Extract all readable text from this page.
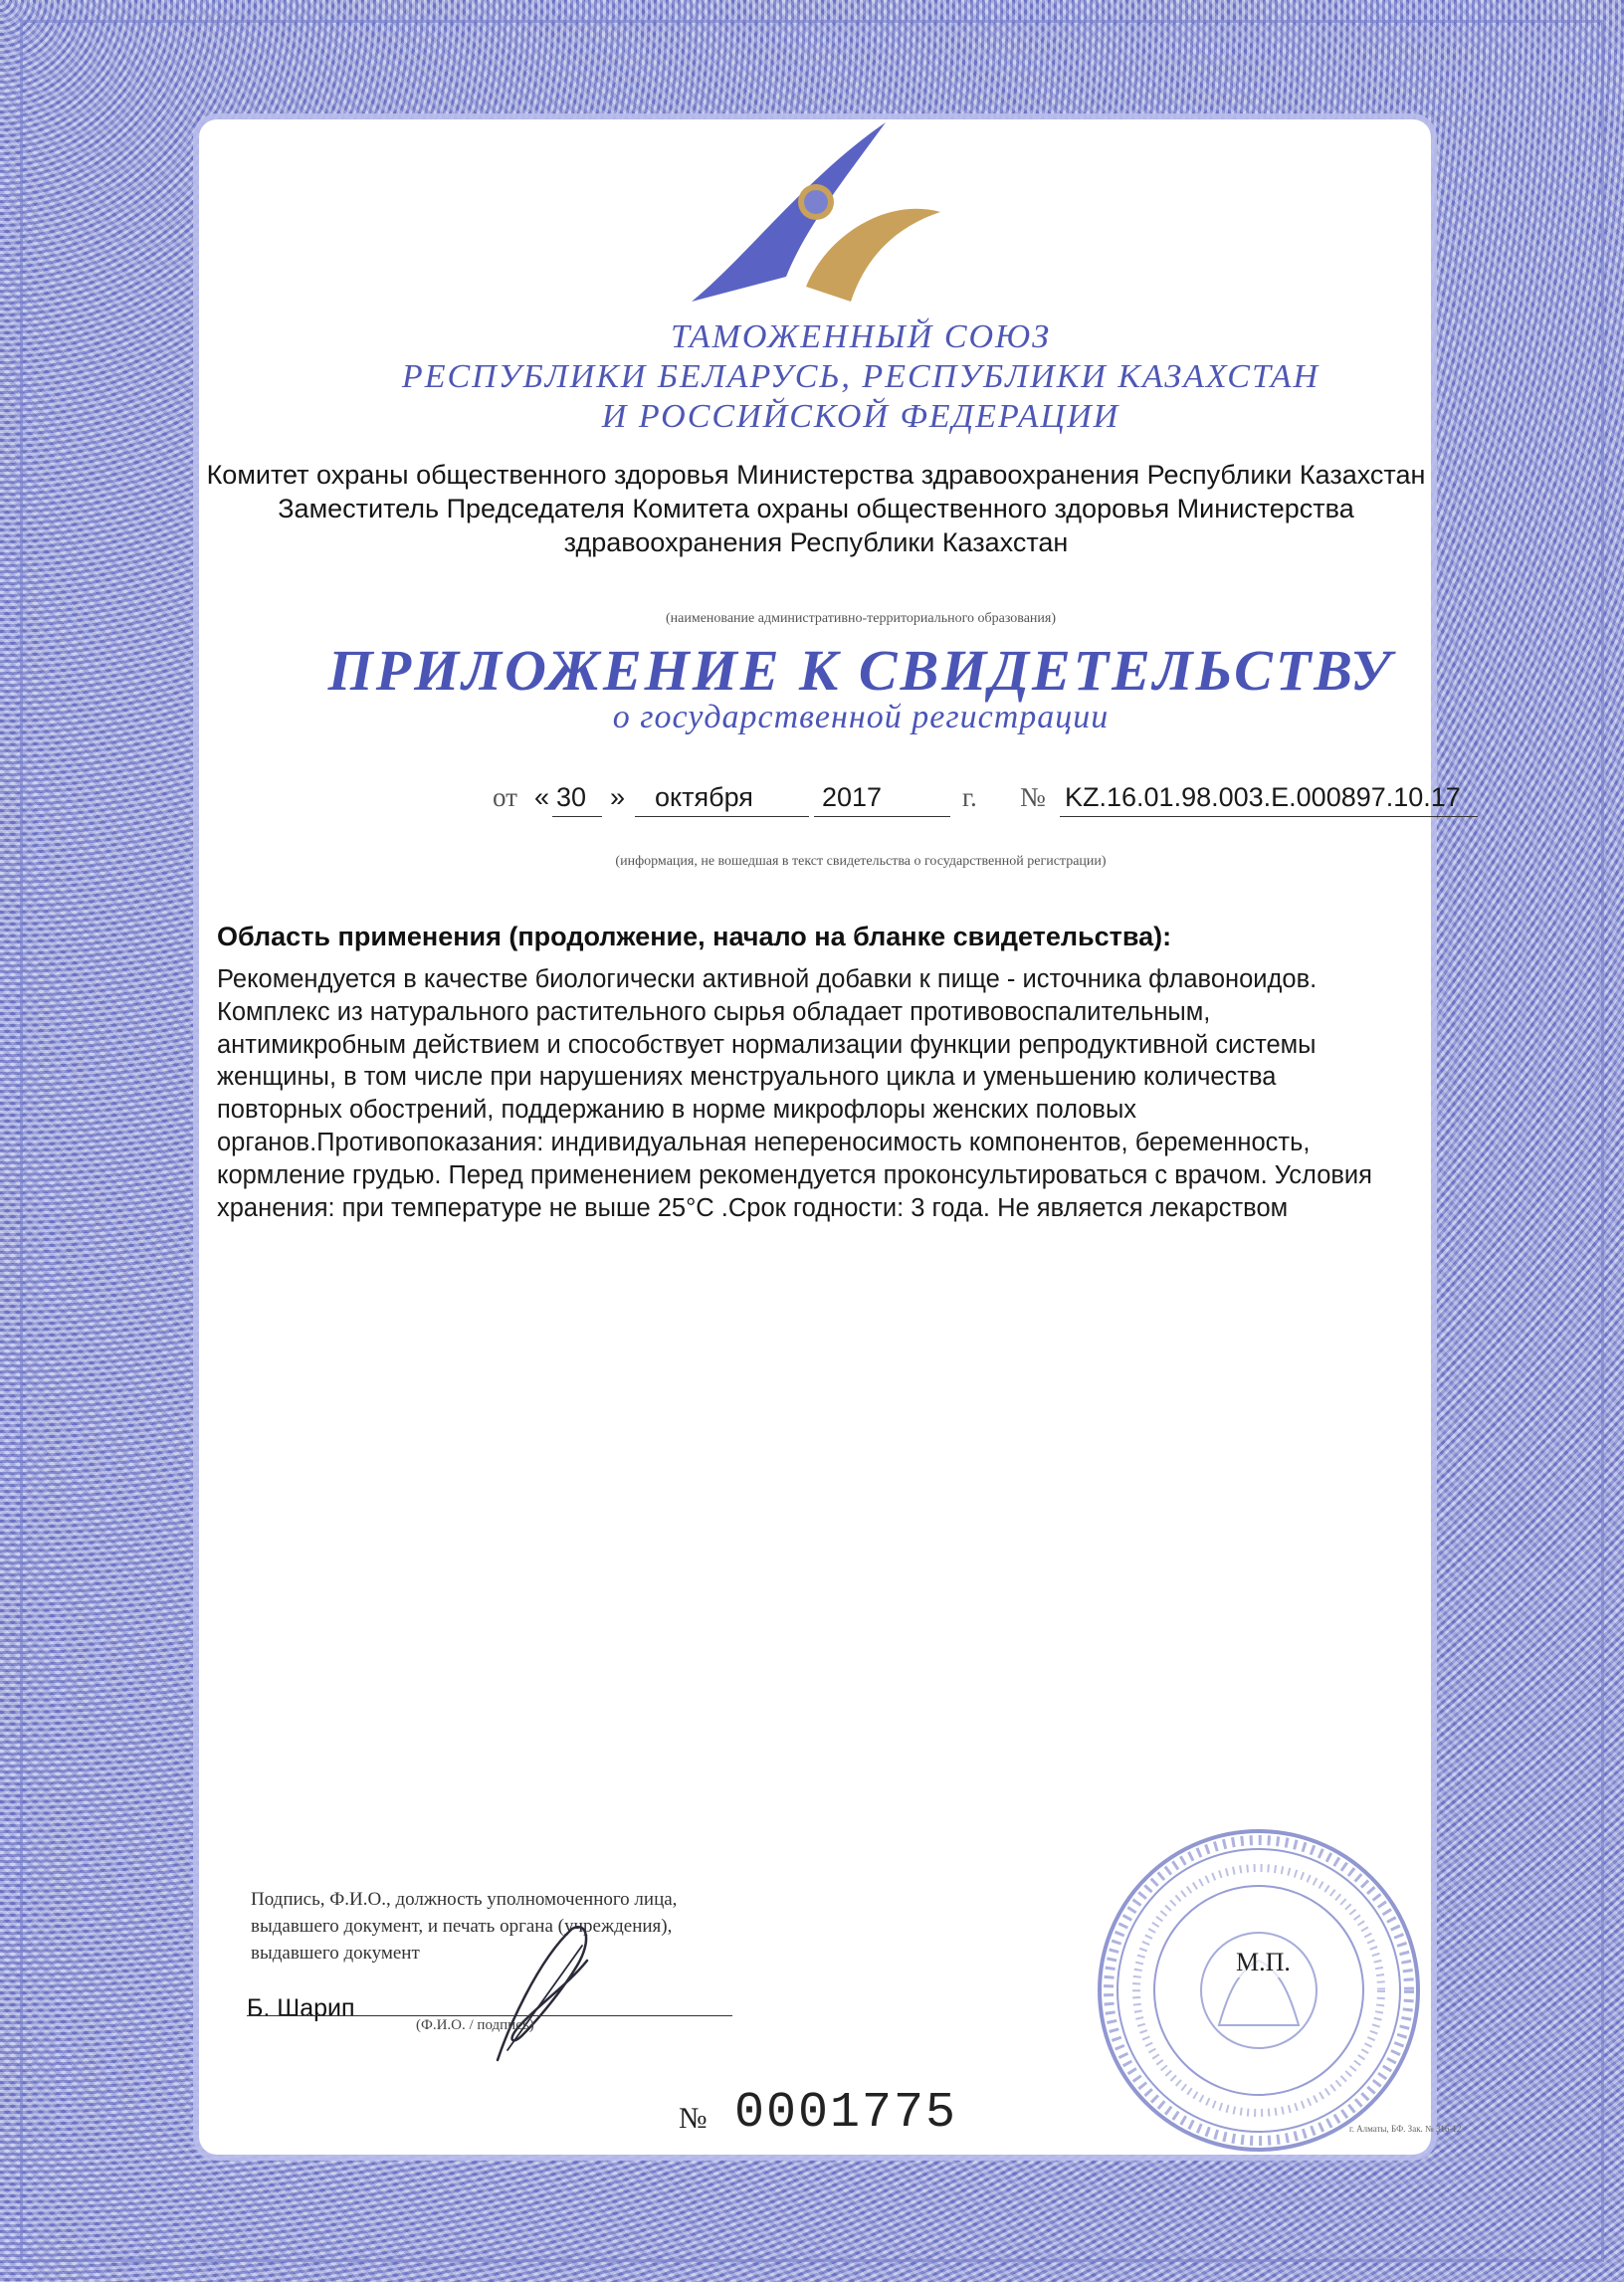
ТАМОЖЕННЫЙ СОЮЗ
РЕСПУБЛИКИ БЕЛАРУСЬ, РЕСПУБЛИКИ КАЗАХСТАН
И РОССИЙСКОЙ ФЕДЕРАЦИИ
Комитет охраны общественного здоровья Министерства здравоохранения Республики Казахстан
Заместитель Председателя Комитета охраны общественного здоровья Министерства
здравоохранения Республики Казахстан
(наименование административно-территориального образования)
ПРИЛОЖЕНИЕ К СВИДЕТЕЛЬСТВУ
о государственной регистрации
от « 30 » октября	2017	г. № KZ.16.01.98.003.E.000897.10.17
(информация, не вошедшая в текст свидетельства о государственной регистрации)
Область применения (продолжение, начало на бланке свидетельства):
Рекомендуется в качестве биологически активной добавки к пище - источника флавоноидов.
Комплекс из натурального растительного сырья обладает противовоспалительным,
антимикробным действием и способствует нормализации функции репродуктивной системы
женщины, в том числе при нарушениях менструального цикла и уменьшению количества
повторных обострений, поддержанию в норме микрофлоры женских половых
органов.Противопоказания: индивидуальная непереносимость компонентов, беременность,
кормление грудью. Перед применением рекомендуется проконсультироваться с врачом. Условия
хранения: при температуре не выше 25°С .Срок годности: 3 года. Не является лекарством
Подпись, Ф.И.О., должность уполномоченного лица,
выдавшего документ, и печать органа (учреждения),
выдавшего документ
Б. Шарип
(Ф.И.О. / подпись)
М.П.
№ 0001775	г. Алматы, БФ. Зак. № 316-12
